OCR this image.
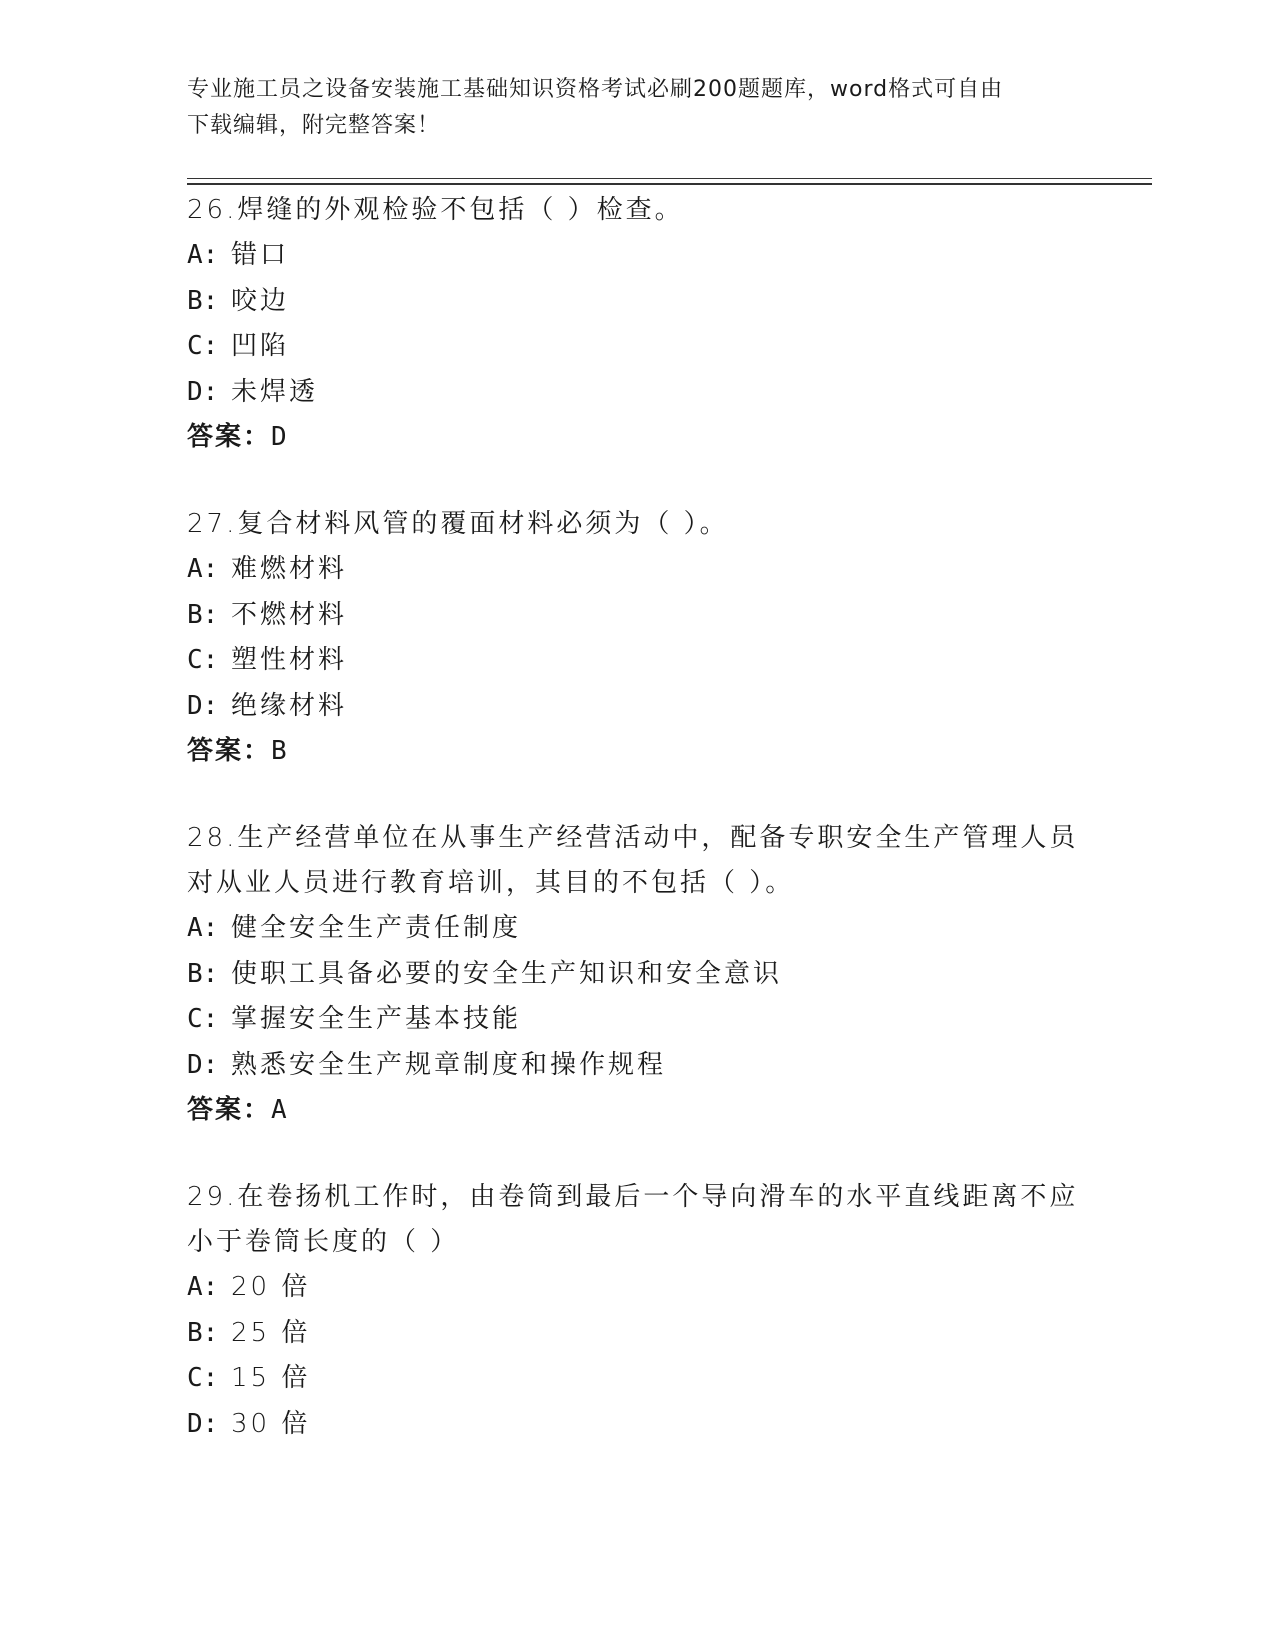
专业施工员之设备安装施工基础知识资格考试必刷200题题库，word格式可自由
下载编辑，附完整答案！
26.焊缝的外观检验不包括（ ）检查。
A: 错口
B: 咬边
C: 凹陷
D: 未焊透
答案：D
27.复合材料风管的覆面材料必须为（ ）。
A: 难燃材料
B: 不燃材料
C: 塑性材料
D: 绝缘材料
答案：B
28.生产经营单位在从事生产经营活动中，配备专职安全生产管理人员
对从业人员进行教育培训，其目的不包括（ ）。
A: 健全安全生产责任制度
B: 使职工具备必要的安全生产知识和安全意识
C: 掌握安全生产基本技能
D: 熟悉安全生产规章制度和操作规程
答案：A
29.在卷扬机工作时，由卷筒到最后一个导向滑车的水平直线距离不应
小于卷筒长度的（ ）
A: 20 倍
B: 25 倍
C: 15 倍
D: 30 倍
